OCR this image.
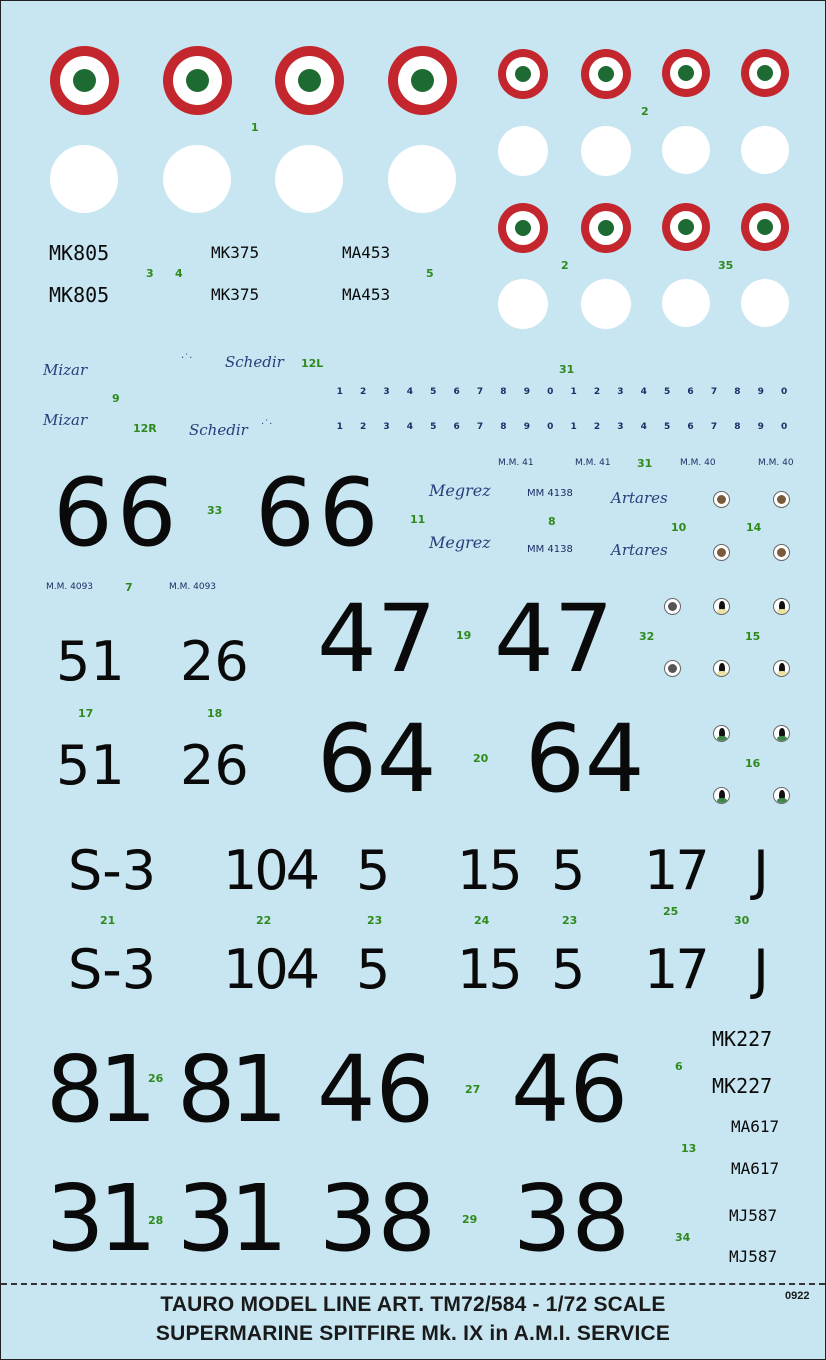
1
2
2	35
MK805
MK805
3 4
MK375
MK375
MA453
MA453
5
Mizar
·˙· Schedir 12L	31
9
Mizar	12R Schedir ·˙·
1	2	3	4	5	6	7	8	9	0	1	2	3	4	5	6	7	8	9	0
1	2	3	4	5	6	7	8	9	0	1	2	3	4	5	6	7	8	9	0
66 33 66	M.M. 41	M.M. 41 31	M.M. 40	M.M. 40
Megrez	MM 4138	Artares
11	8	10	14
Megrez	MM 4138	Artares
32	15
16
M.M. 4093	7	M.M. 4093 47 19 47
51 26
17	18
51 26 64	20 64
S-3 104 5 15 5 17 J
25
21	22	23	24	23	30
S-3 104 5 15 5 17 J
81
26 81 46	27 46	MK227
6
MK227
MA617
13
MA617
31
28 31 38 29 38	MJ587
34
MJ587
0922
TAURO MODEL LINE ART. TM72/584 - 1/72 SCALE
SUPERMARINE SPITFIRE Mk. IX in A.M.I. SERVICE
